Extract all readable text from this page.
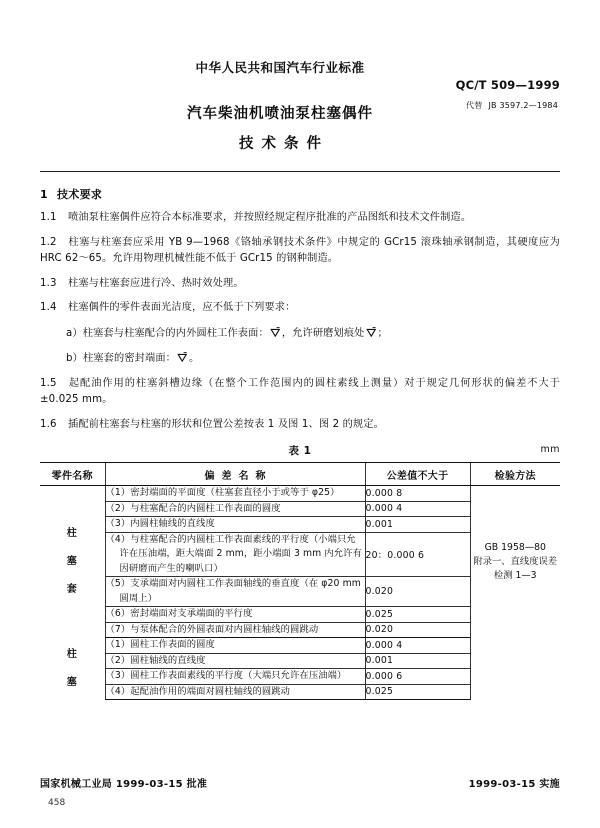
中华人民共和国汽车行业标准
QC/T 509—1999
代替 JB 3597.2—1984
汽车柴油机喷油泵柱塞偶件
技术条件
1 技术要求
1.1 喷油泵柱塞偶件应符合本标准要求，并按照经规定程序批准的产品图纸和技术文件制造。
1.2 柱塞与柱塞套应采用 YB 9—1968《铬轴承钢技术条件》中规定的 GCr15 滚珠轴承钢制造，其硬度应为 HRC 62～65。允许用物理机械性能不低于 GCr15 的钢种制造。
1.3 柱塞与柱塞套应进行冷、热时效处理。
1.4 柱塞偶件的零件表面光洁度，应不低于下列要求：
a）柱塞套与柱塞配合的内外圆柱工作表面： ，允许研磨划痕处 ；
b）柱塞套的密封端面： 。
1.5 起配油作用的柱塞斜槽边缘（在整个工作范围内的圆柱素线上测量）对于规定几何形状的偏差不大于±0.025 mm。
1.6 插配前柱塞套与柱塞的形状和位置公差按表 1 及图 1、图 2 的规定。
表 1	mm
零件名称	偏差名称	公差值不大于	检验方法

柱
塞
套
	（1）密封端面的平面度（柱塞套直径小于或等于 φ25）	0.000 8	
GB 1958—80
附录一、直线度误差
检测 1—3

	（2）与柱塞配合的内圆柱工作表面的圆度	0.000 4	
	（3）内圆柱轴线的直线度	0.001	
	（4）与柱塞配合的内圆柱工作表面素线的平行度（小端只允
许在压油端，距大端面 2 mm，距小端面 3 mm 内允许有因研磨而产生的喇叭口）	20：0.000 6	
	（5）支承端面对内圆柱工作表面轴线的垂直度（在 φ20 mm
圆周上）	0.020	
	（6）密封端面对支承端面的平行度	0.025	
	（7）与泵体配合的外圆表面对内圆柱轴线的圆跳动	0.020	

柱
塞	（1）圆柱工作表面的圆度	0.000 4	
	（2）圆柱轴线的直线度	0.001	
	（3）圆柱工作表面素线的平行度（大端只允许在压油端）	0.000 6	
	（4）起配油作用的端面对圆柱轴线的圆跳动	0.025	
国家机械工业局 1999-03-15 批准	1999-03-15 实施
458
